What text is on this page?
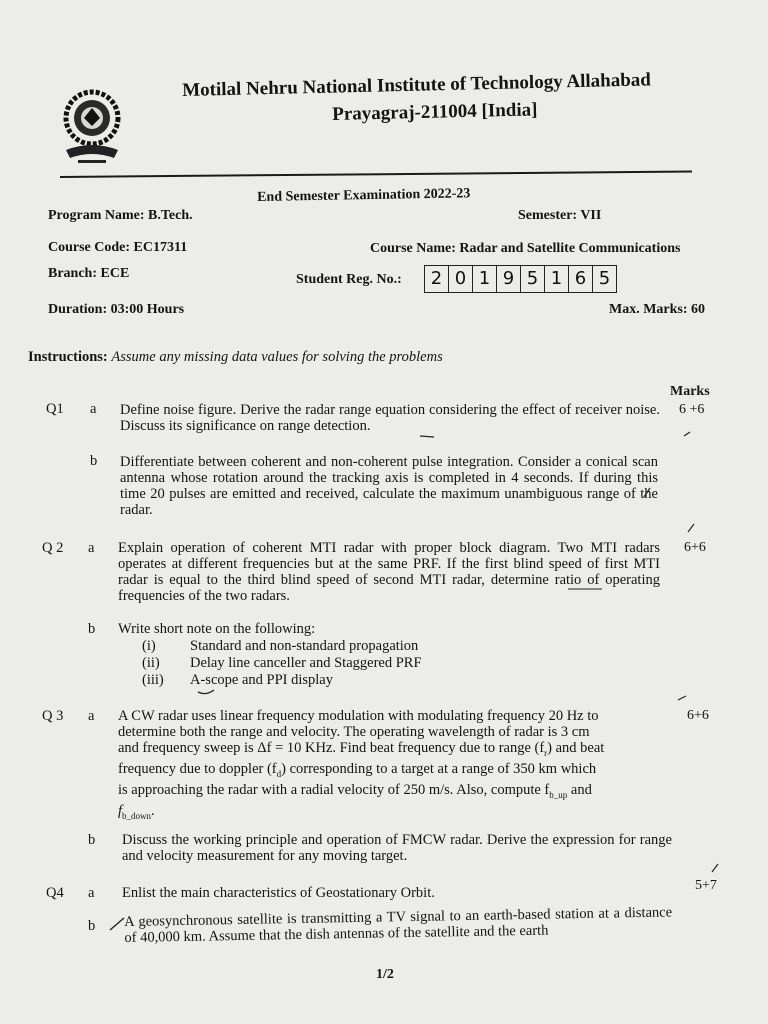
Motilal Nehru National Institute of Technology Allahabad
Prayagraj-211004 [India]
End Semester Examination 2022-23
Program Name: B.Tech.	Semester: VII
Course Code: EC17311	Course Name: Radar and Satellite Communications
Branch: ECE	Student Reg. No.:	2 0 1 9 5 1 6 5
Duration: 03:00 Hours	Max. Marks: 60
Instructions: Assume any missing data values for solving the problems
Marks
Q1 a Define noise figure. Derive the radar range equation considering the effect of receiver noise. Discuss its significance on range detection.
6 +6
b Differentiate between coherent and non-coherent pulse integration. Consider a conical scan antenna whose rotation around the tracking axis is completed in 4 seconds. If during this time 20 pulses are emitted and received, calculate the maximum unambiguous range of the radar.
Q 2 a Explain operation of coherent MTI radar with proper block diagram. Two MTI radars operates at different frequencies but at the same PRF. If the first blind speed of first MTI radar is equal to the third blind speed of second MTI radar, determine ratio of operating frequencies of the two radars.
6+6
b Write short note on the following:
(i)	Standard and non-standard propagation
(ii)	Delay line canceller and Staggered PRF
(iii)	A-scope and PPI display
Q 3 a A CW radar uses linear frequency modulation with modulating frequency 20 Hz to
determine both the range and velocity. The operating wavelength of radar is 3 cm
and frequency sweep is Δf = 10 KHz. Find beat frequency due to range $(f_r)$ and beat
frequency due to doppler $(f_d)$ corresponding to a target at a range of 350 km which
is approaching the radar with a radial velocity of 250 m/s. Also, compute $f_{b\_up}$ and
$f_{b\_down}$.
6+6
b Discuss the working principle and operation of FMCW radar. Derive the expression for range and velocity measurement for any moving target.
Q4 a Enlist the main characteristics of Geostationary Orbit.	5+7
b A geosynchronous satellite is transmitting a TV signal to an earth-based station at a distance of 40,000 km. Assume that the dish antennas of the satellite and the earth
1/2
